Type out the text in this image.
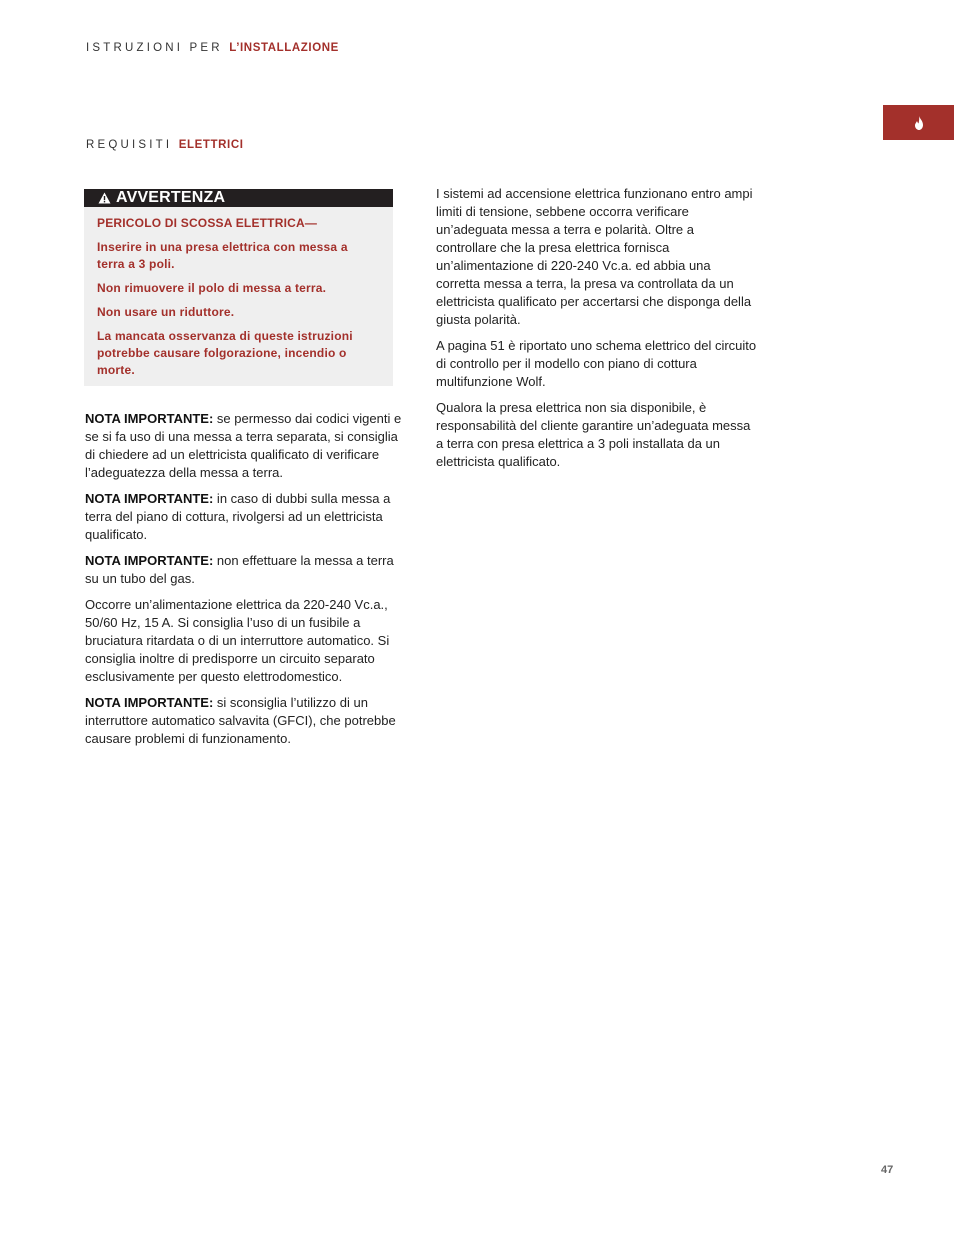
ISTRUZIONI PER L’INSTALLAZIONE
REQUISITI ELETTRICI
AVVERTENZA

PERICOLO DI SCOSSA ELETTRICA—

Inserire in una presa elettrica con messa a terra a 3 poli.

Non rimuovere il polo di messa a terra.

Non usare un riduttore.

La mancata osservanza di queste istruzioni potrebbe causare folgorazione, incendio o morte.

NOTA IMPORTANTE: se permesso dai codici vigenti e se si fa uso di una messa a terra separata, si consiglia di chiedere ad un elettricista qualificato di verificare l’adeguatezza della messa a terra.

NOTA IMPORTANTE: in caso di dubbi sulla messa a terra del piano di cottura, rivolgersi ad un elettricista qualificato.

NOTA IMPORTANTE: non effettuare la messa a terra su un tubo del gas.

Occorre un’alimentazione elettrica da 220-240 Vc.a., 50/60 Hz, 15 A. Si consiglia l’uso di un fusibile a bruciatura ritardata o di un interruttore automatico. Si consiglia inoltre di predisporre un circuito separato esclusivamente per questo elettrodomestico.

NOTA IMPORTANTE: si sconsiglia l’utilizzo di un interruttore automatico salvavita (GFCI), che potrebbe causare problemi di funzionamento.

I sistemi ad accensione elettrica funzionano entro ampi limiti di tensione, sebbene occorra verificare un’adeguata messa a terra e polarità. Oltre a controllare che la presa elettrica fornisca un’alimentazione di 220-240 Vc.a. ed abbia una corretta messa a terra, la presa va controllata da un elettricista qualificato per accertarsi che disponga della giusta polarità.

A pagina 51 è riportato uno schema elettrico del circuito di controllo per il modello con piano di cottura multifunzione Wolf.

Qualora la presa elettrica non sia disponibile, è responsabilità del cliente garantire un’adeguata messa a terra con presa elettrica a 3 poli installata da un elettricista qualificato.

47
